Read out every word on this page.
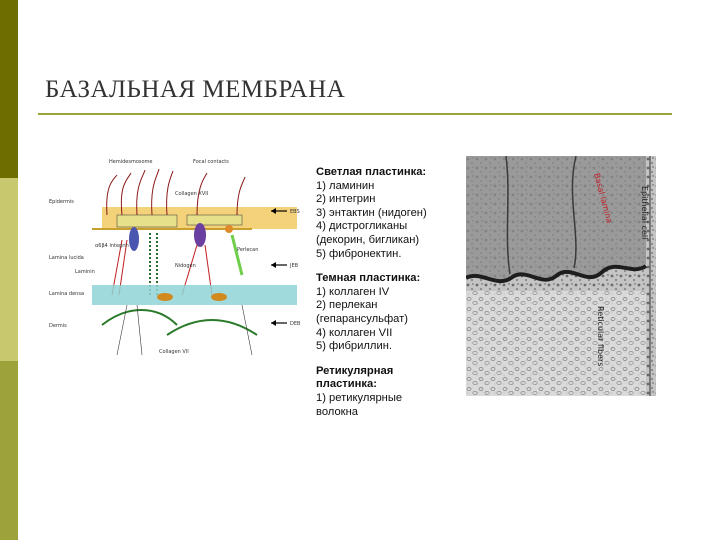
БАЗАЛЬНАЯ МЕМБРАНА
Hemidesmosome	Focal contacts
Epidermis
Lamina lucida
Lamina densa
Dermis
EBS
JEB
DEB
Collagen XVII
Laminin
α6β4 integrin
Collagen VII
Perlecan
Nidogen
Светлая пластинка:
1) ламинин
2) интегрин
3) энтактин (нидоген)
4) дистрогликаны
(декорин, бигликан)
5) фибронектин.
Темная пластинка:
1) коллаген IV
2) перлекан
(гепарансульфат)
4) коллаген VII
5) фибриллин.
Ретикулярная
пластинка:
1) ретикулярные
волокна
Basal lamina	Epithelial cell
Reticular fibers
